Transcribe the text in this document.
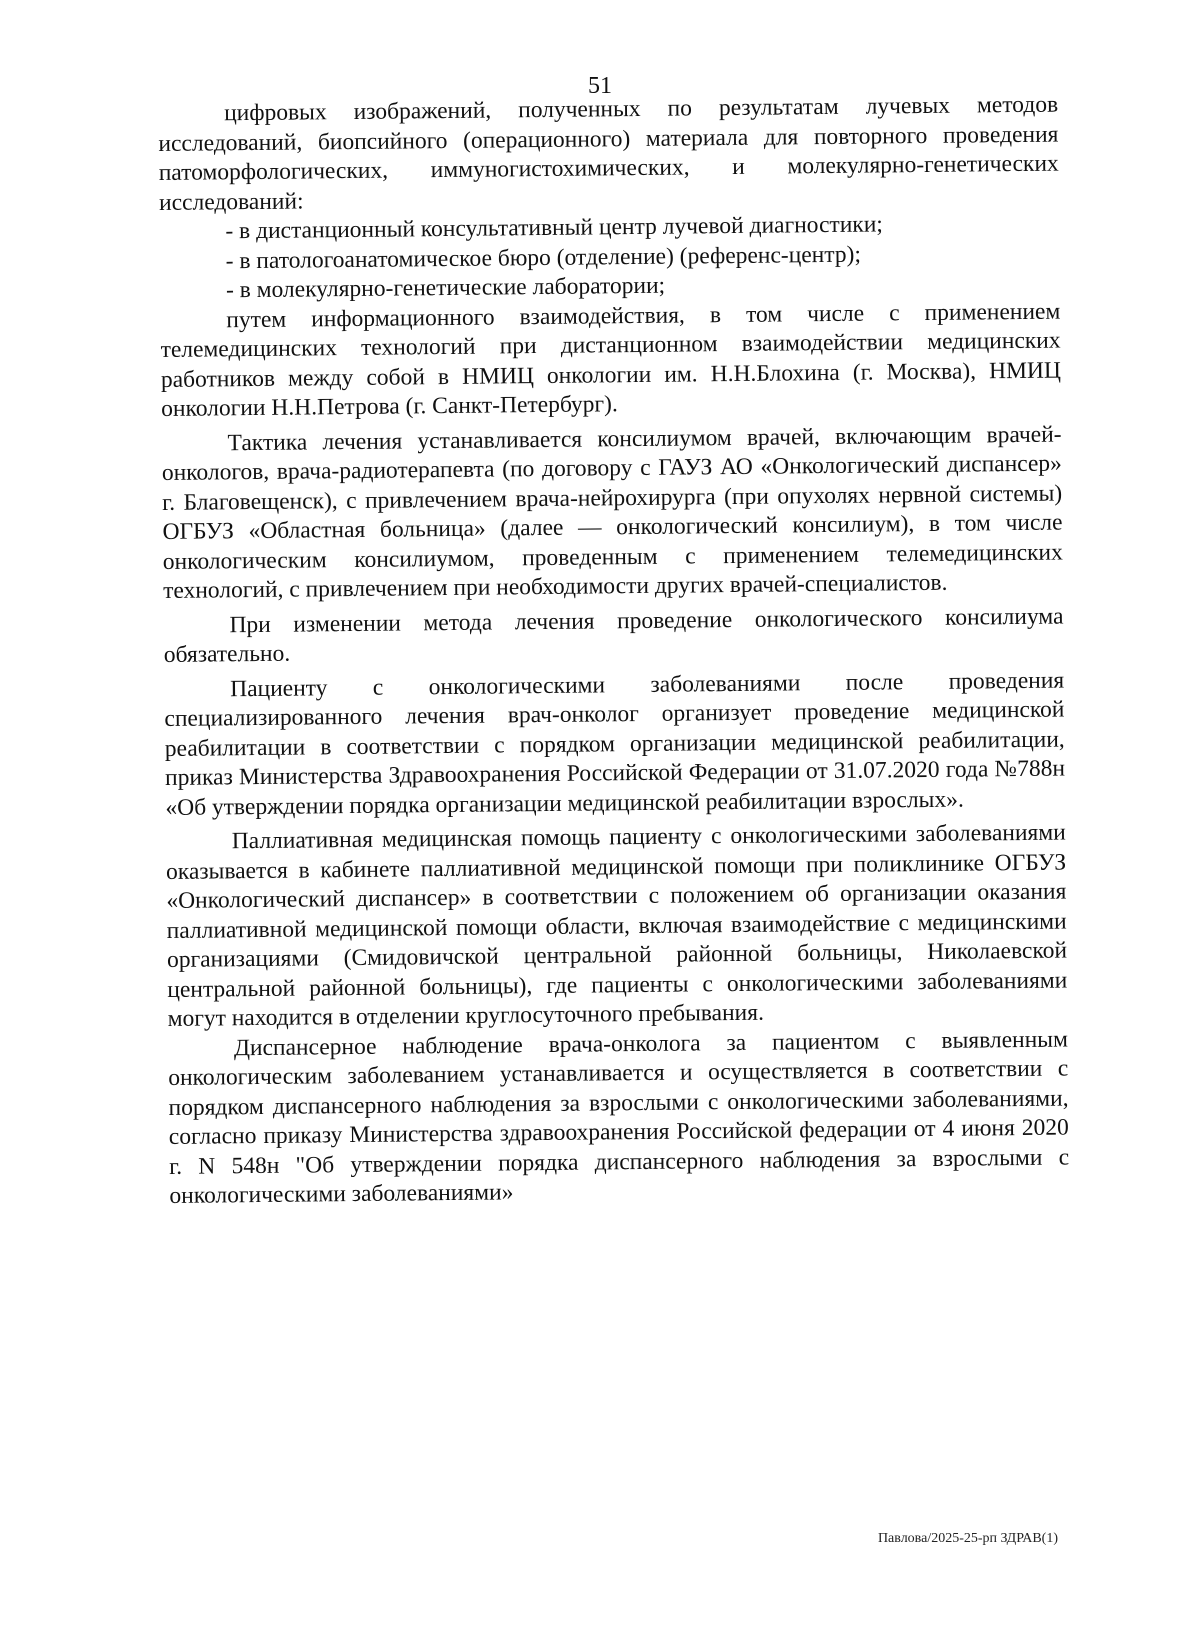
51

цифровых изображений, полученных по результатам лучевых методов исследований, биопсийного (операционного) материала для повторного проведения патоморфологических, иммуногистохимических, и молекулярно-генетических исследований:

- в дистанционный консультативный центр лучевой диагностики;

- в патологоанатомическое бюро (отделение) (референс-центр);

- в молекулярно-генетические лаборатории;

путем информационного взаимодействия, в том числе с применением телемедицинских технологий при дистанционном взаимодействии медицинских работников между собой в НМИЦ онкологии им. Н.Н.Блохина (г. Москва), НМИЦ онкологии Н.Н.Петрова (г. Санкт-Петербург).

Тактика лечения устанавливается консилиумом врачей, включающим врачей-онкологов, врача-радиотерапевта (по договору с ГАУЗ АО «Онкологический диспансер» г. Благовещенск), с привлечением врача-нейрохирурга (при опухолях нервной системы) ОГБУЗ «Областная больница» (далее — онкологический консилиум), в том числе онкологическим консилиумом, проведенным с применением телемедицинских технологий, с привлечением при необходимости других врачей-специалистов.

При изменении метода лечения проведение онкологического консилиума обязательно.

Пациенту с онкологическими заболеваниями после проведения специализированного лечения врач-онколог организует проведение медицинской реабилитации в соответствии с порядком организации медицинской реабилитации, приказ Министерства Здравоохранения Российской Федерации от 31.07.2020 года №788н «Об утверждении порядка организации медицинской реабилитации взрослых».

Паллиативная медицинская помощь пациенту с онкологическими заболеваниями оказывается в кабинете паллиативной медицинской помощи при поликлинике ОГБУЗ «Онкологический диспансер» в соответствии с положением об организации оказания паллиативной медицинской помощи области, включая взаимодействие с медицинскими организациями (Смидовичской центральной районной больницы, Николаевской центральной районной больницы), где пациенты с онкологическими заболеваниями могут находится в отделении круглосуточного пребывания.

Диспансерное наблюдение врача-онколога за пациентом с выявленным онкологическим заболеванием устанавливается и осуществляется в соответствии с порядком диспансерного наблюдения за взрослыми с онкологическими заболеваниями, согласно приказу Министерства здравоохранения Российской федерации от 4 июня 2020 г. N 548н "Об утверждении порядка диспансерного наблюдения за взрослыми с онкологическими заболеваниями»

Павлова/2025-25-рп ЗДРАВ(1)
